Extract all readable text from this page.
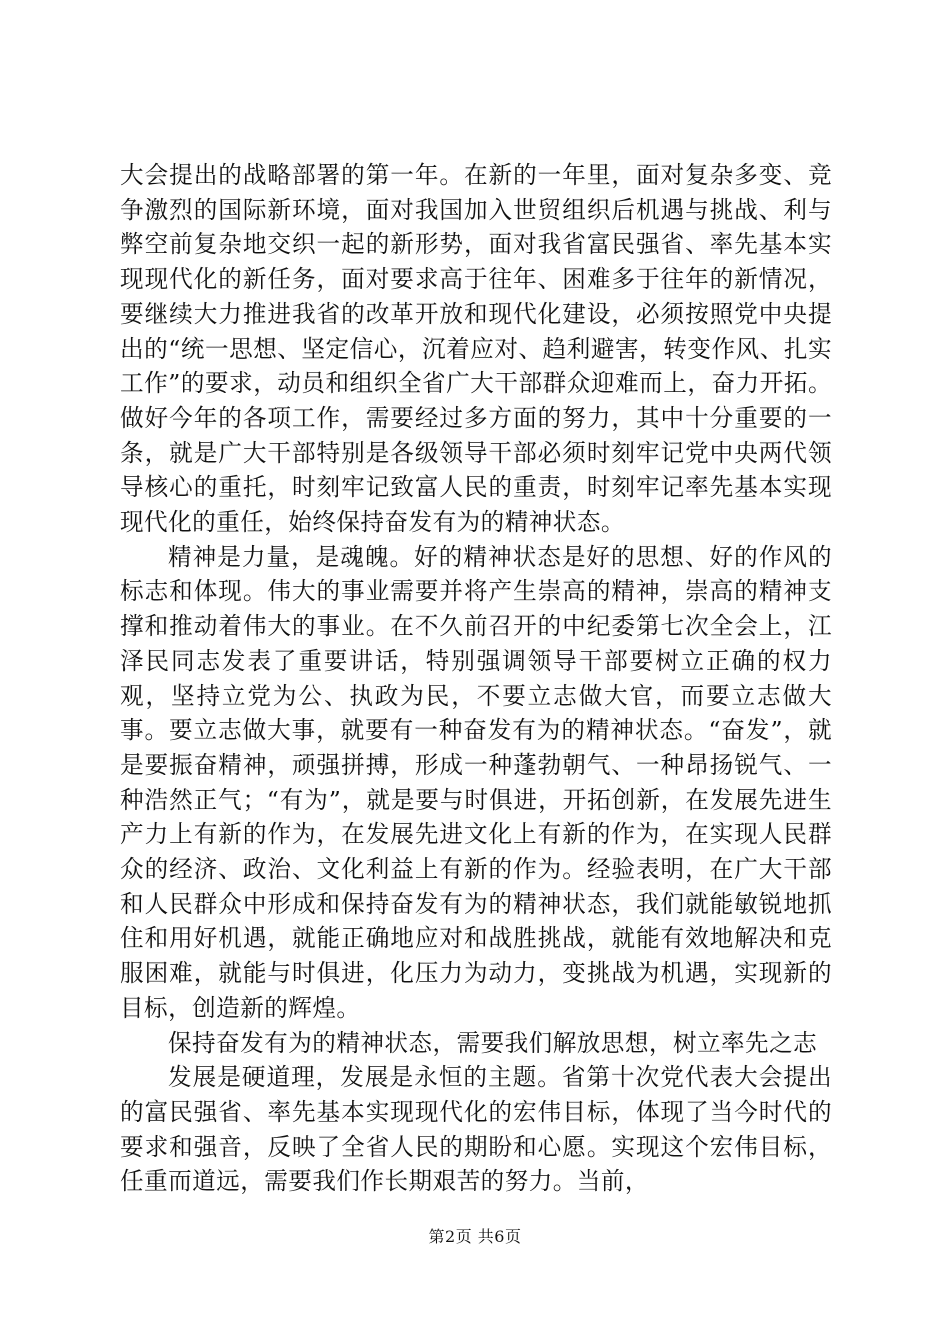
大会提出的战略部署的第一年。在新的一年里，面对复杂多变、竞争激烈的国际新环境，面对我国加入世贸组织后机遇与挑战、利与弊空前复杂地交织一起的新形势，面对我省富民强省、率先基本实现现代化的新任务，面对要求高于往年、困难多于往年的新情况，要继续大力推进我省的改革开放和现代化建设，必须按照党中央提出的“统一思想、坚定信心，沉着应对、趋利避害，转变作风、扎实工作”的要求，动员和组织全省广大干部群众迎难而上，奋力开拓。做好今年的各项工作，需要经过多方面的努力，其中十分重要的一条，就是广大干部特别是各级领导干部必须时刻牢记党中央两代领导核心的重托，时刻牢记致富人民的重责，时刻牢记率先基本实现现代化的重任，始终保持奋发有为的精神状态。

精神是力量，是魂魄。好的精神状态是好的思想、好的作风的标志和体现。伟大的事业需要并将产生崇高的精神，崇高的精神支撑和推动着伟大的事业。在不久前召开的中纪委第七次全会上，江泽民同志发表了重要讲话，特别强调领导干部要树立正确的权力观，坚持立党为公、执政为民，不要立志做大官，而要立志做大事。要立志做大事，就要有一种奋发有为的精神状态。“奋发”，就是要振奋精神，顽强拼搏，形成一种蓬勃朝气、一种昂扬锐气、一种浩然正气；“有为”，就是要与时俱进，开拓创新，在发展先进生产力上有新的作为，在发展先进文化上有新的作为，在实现人民群众的经济、政治、文化利益上有新的作为。经验表明，在广大干部和人民群众中形成和保持奋发有为的精神状态，我们就能敏锐地抓住和用好机遇，就能正确地应对和战胜挑战，就能有效地解决和克服困难，就能与时俱进，化压力为动力，变挑战为机遇，实现新的目标，创造新的辉煌。

保持奋发有为的精神状态，需要我们解放思想，树立率先之志

发展是硬道理，发展是永恒的主题。省第十次党代表大会提出的富民强省、率先基本实现现代化的宏伟目标，体现了当今时代的要求和强音，反映了全省人民的期盼和心愿。实现这个宏伟目标，任重而道远，需要我们作长期艰苦的努力。当前，

第2页 共6页
